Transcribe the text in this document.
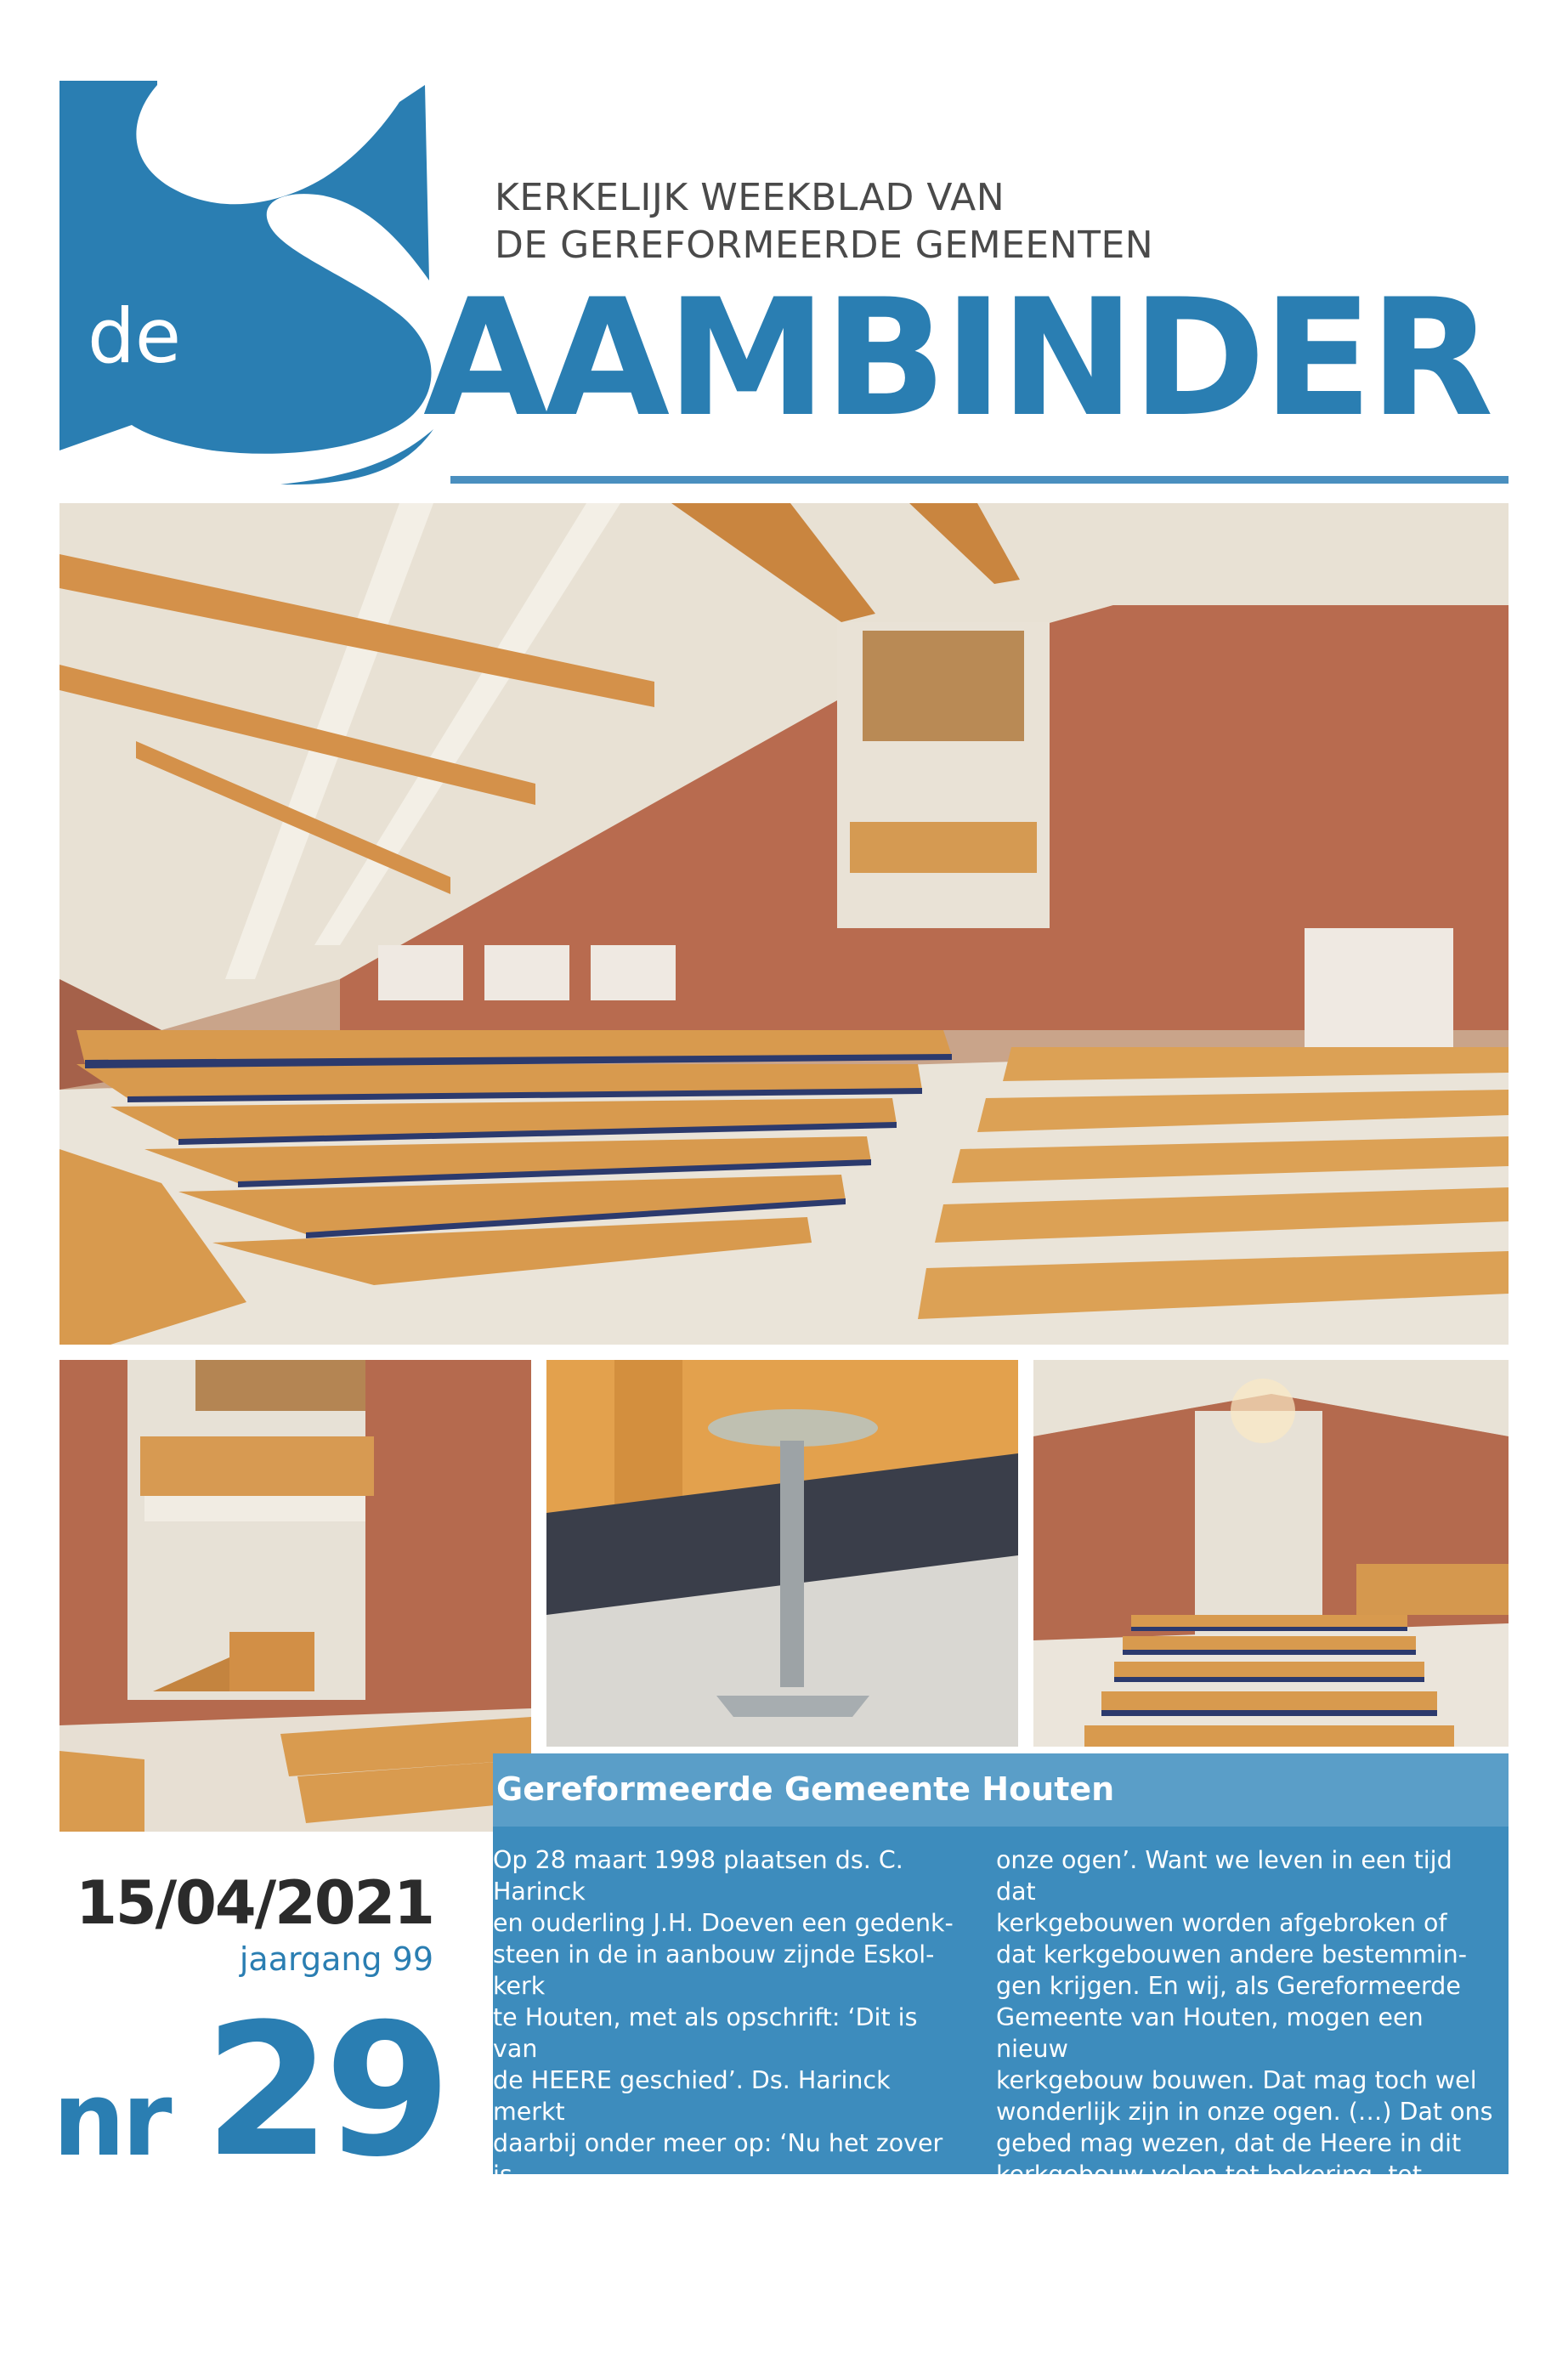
de AAMBINDER
KERKELIJK WEEKBLAD VAN
DE GEREFORMEERDE GEMEENTEN
Gereformeerde Gemeente Houten
Op 28 maart 1998 plaatsen ds. C. Harinck
en ouderling J.H. Doeven een gedenk-
steen in de in aanbouw zijnde Eskol-kerk
te Houten, met als opschrift: ‘Dit is van
de HEERE geschied’. Ds. Harinck merkt
daarbij onder meer op: ‘Nu het zover is
dat vanmorgen de gedenksteen is gelegd,
willen we dan ook zeggen: ‘Dit is van de
HEERE geschied’. Ik hoop dat we er bij
mogen zeggen: ‘En het is wonderlijk in
onze ogen’. Want we leven in een tijd dat
kerkgebouwen worden afgebroken of
dat kerkgebouwen andere bestemmin-
gen krijgen. En wij, als Gereformeerde
Gemeente van Houten, mogen een nieuw
kerkgebouw bouwen. Dat mag toch wel
wonderlijk zijn in onze ogen. (…) Dat ons
gebed mag wezen, dat de Heere in dit
kerkgebouw velen tot bekering, tot geloof
in Christus wil brengen’.
15/04/2021
jaargang 99
nr 29
